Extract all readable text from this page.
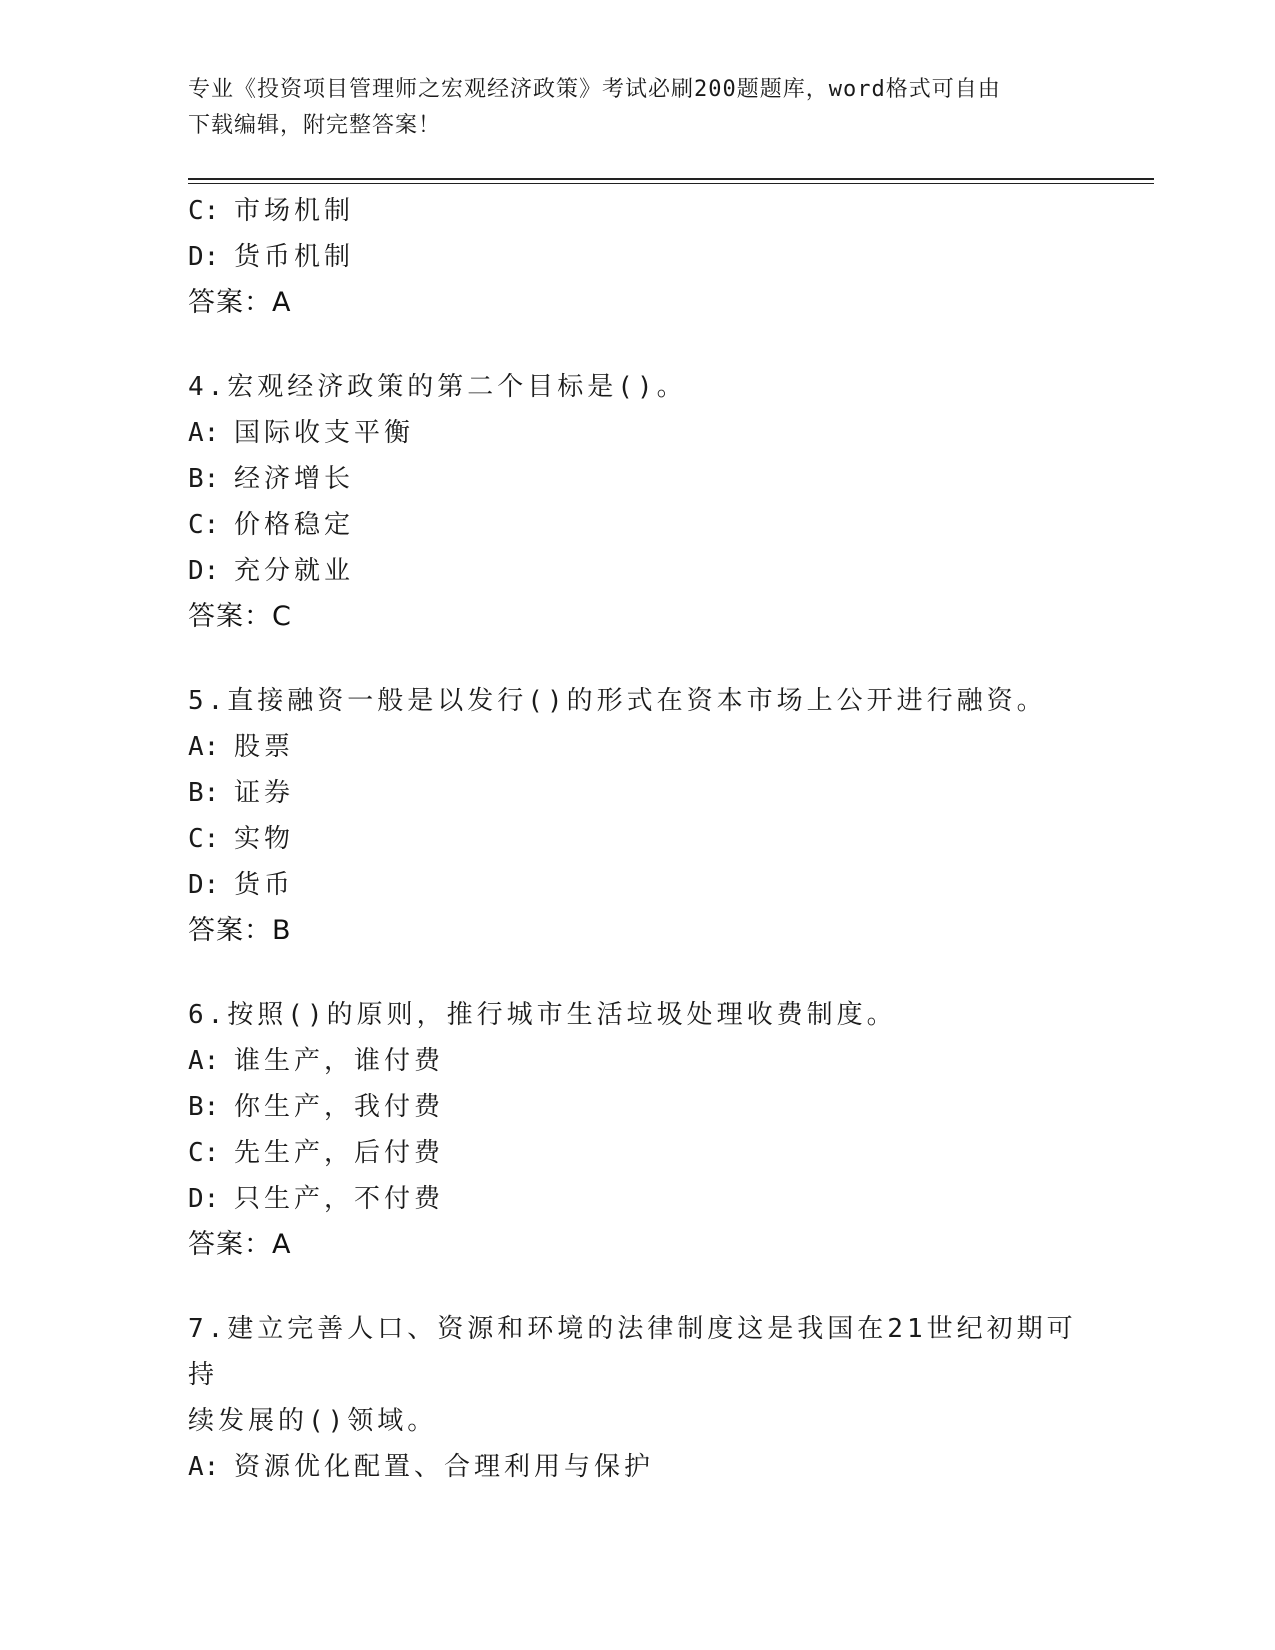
专业《投资项目管理师之宏观经济政策》考试必刷200题题库，word格式可自由
下载编辑，附完整答案！
C: 市场机制
D: 货币机制
答案：A
4.宏观经济政策的第二个目标是()。
A: 国际收支平衡
B: 经济增长
C: 价格稳定
D: 充分就业
答案：C
5.直接融资一般是以发行()的形式在资本市场上公开进行融资。
A: 股票
B: 证券
C: 实物
D: 货币
答案：B
6.按照()的原则，推行城市生活垃圾处理收费制度。
A: 谁生产，谁付费
B: 你生产，我付费
C: 先生产，后付费
D: 只生产，不付费
答案：A
7.建立完善人口、资源和环境的法律制度这是我国在21世纪初期可持
续发展的()领域。
A: 资源优化配置、合理利用与保护
